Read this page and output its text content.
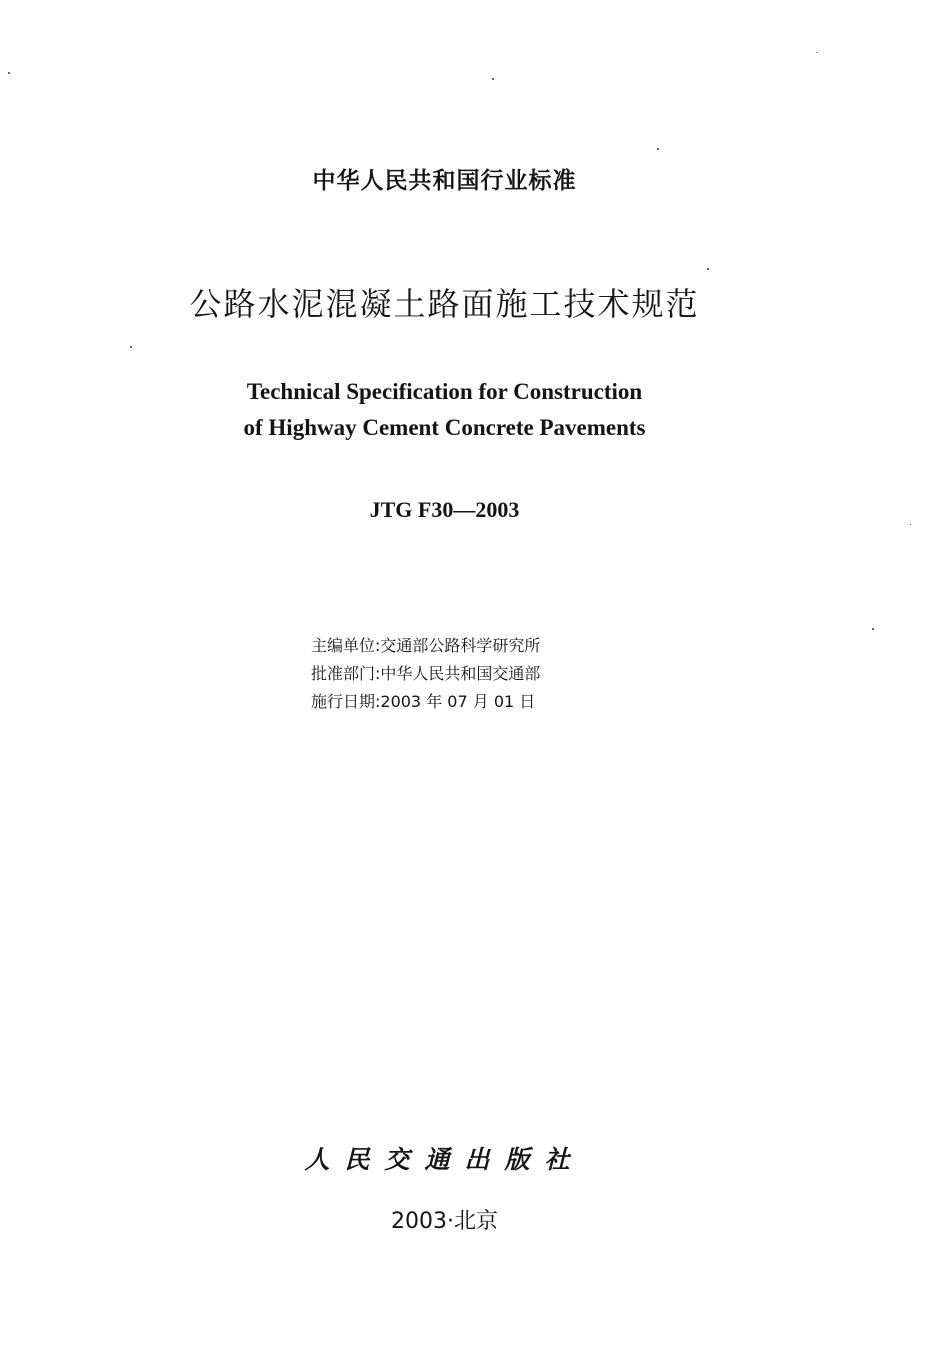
中华人民共和国行业标准
公路水泥混凝土路面施工技术规范
Technical Specification for Construction
of Highway Cement Concrete Pavements
JTG F30—2003
主编单位:交通部公路科学研究所
批准部门:中华人民共和国交通部
施行日期:2003 年 07 月 01 日
人民交通出版社
2003·北京
